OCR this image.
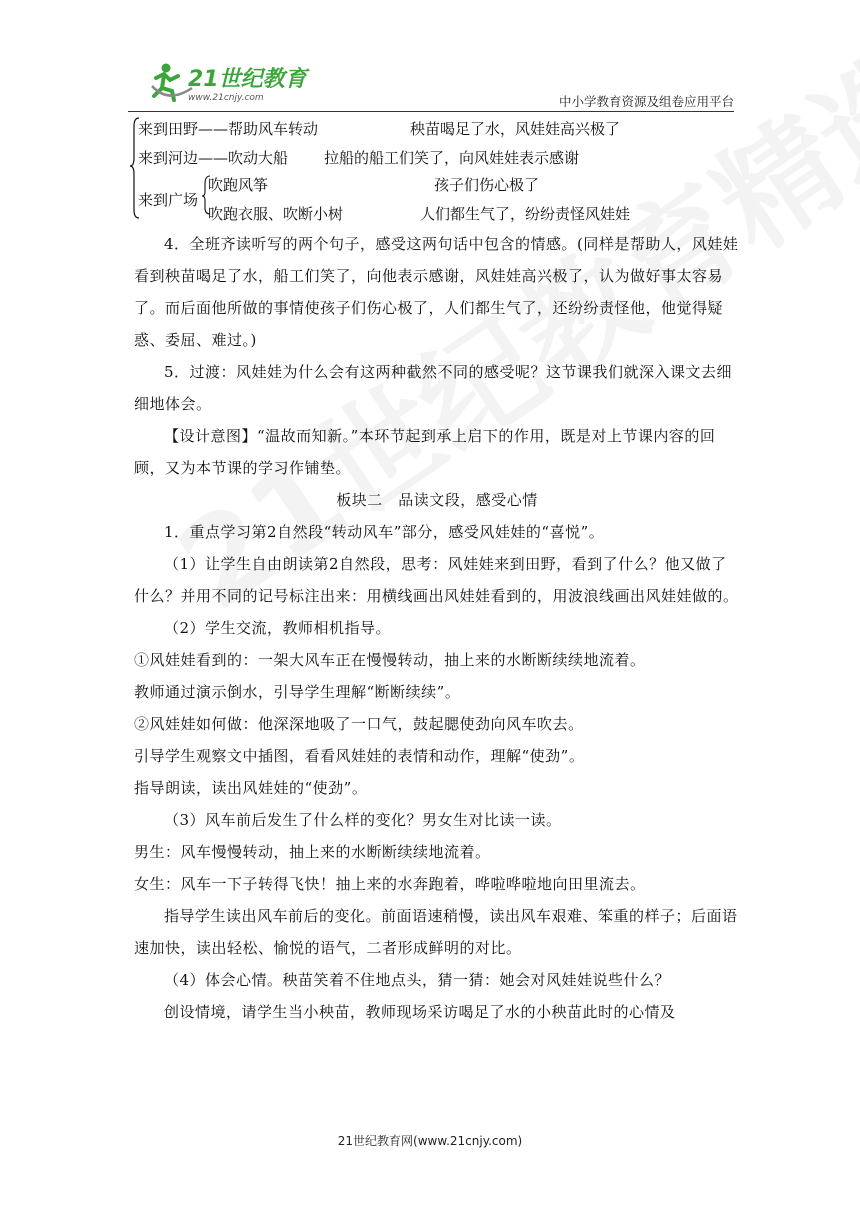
21世纪教育
www.21cnjy.com	中小学教育资源及组卷应用平台
来到田野——帮助风车转动	秧苗喝足了水，风娃娃高兴极了
来到河边——吹动大船 拉船的船工们笑了，向风娃娃表示感谢
来到广场
吹跑风筝	孩子们伤心极了
吹跑衣服、吹断小树	人们都生气了，纷纷责怪风娃娃

4．全班齐读听写的两个句子，感受这两句话中包含的情感。(同样是帮助人，风娃娃看到秧苗喝足了水，船工们笑了，向他表示感谢，风娃娃高兴极了，认为做好事太容易了。而后面他所做的事情使孩子们伤心极了，人们都生气了，还纷纷责怪他，他觉得疑惑、委屈、难过。)

5．过渡：风娃娃为什么会有这两种截然不同的感受呢？这节课我们就深入课文去细细地体会。

【设计意图】“温故而知新。”本环节起到承上启下的作用，既是对上节课内容的回顾，又为本节课的学习作铺垫。

板块二　品读文段，感受心情

1．重点学习第2自然段“转动风车”部分，感受风娃娃的“喜悦”。

（1）让学生自由朗读第2自然段，思考：风娃娃来到田野，看到了什么？他又做了什么？并用不同的记号标注出来：用横线画出风娃娃看到的，用波浪线画出风娃娃做的。

（2）学生交流，教师相机指导。

①风娃娃看到的：一架大风车正在慢慢转动，抽上来的水断断续续地流着。

教师通过演示倒水，引导学生理解“断断续续”。

②风娃娃如何做：他深深地吸了一口气，鼓起腮使劲向风车吹去。

引导学生观察文中插图，看看风娃娃的表情和动作，理解“使劲”。

指导朗读，读出风娃娃的“使劲”。

（3）风车前后发生了什么样的变化？男女生对比读一读。

男生：风车慢慢转动，抽上来的水断断续续地流着。

女生：风车一下子转得飞快！抽上来的水奔跑着，哗啦哗啦地向田里流去。

指导学生读出风车前后的变化。前面语速稍慢，读出风车艰难、笨重的样子；后面语速加快，读出轻松、愉悦的语气，二者形成鲜明的对比。

（4）体会心情。秧苗笑着不住地点头，猜一猜：她会对风娃娃说些什么？

创设情境，请学生当小秧苗，教师现场采访喝足了水的小秧苗此时的心情及

21世纪教育网(www.21cnjy.com)
